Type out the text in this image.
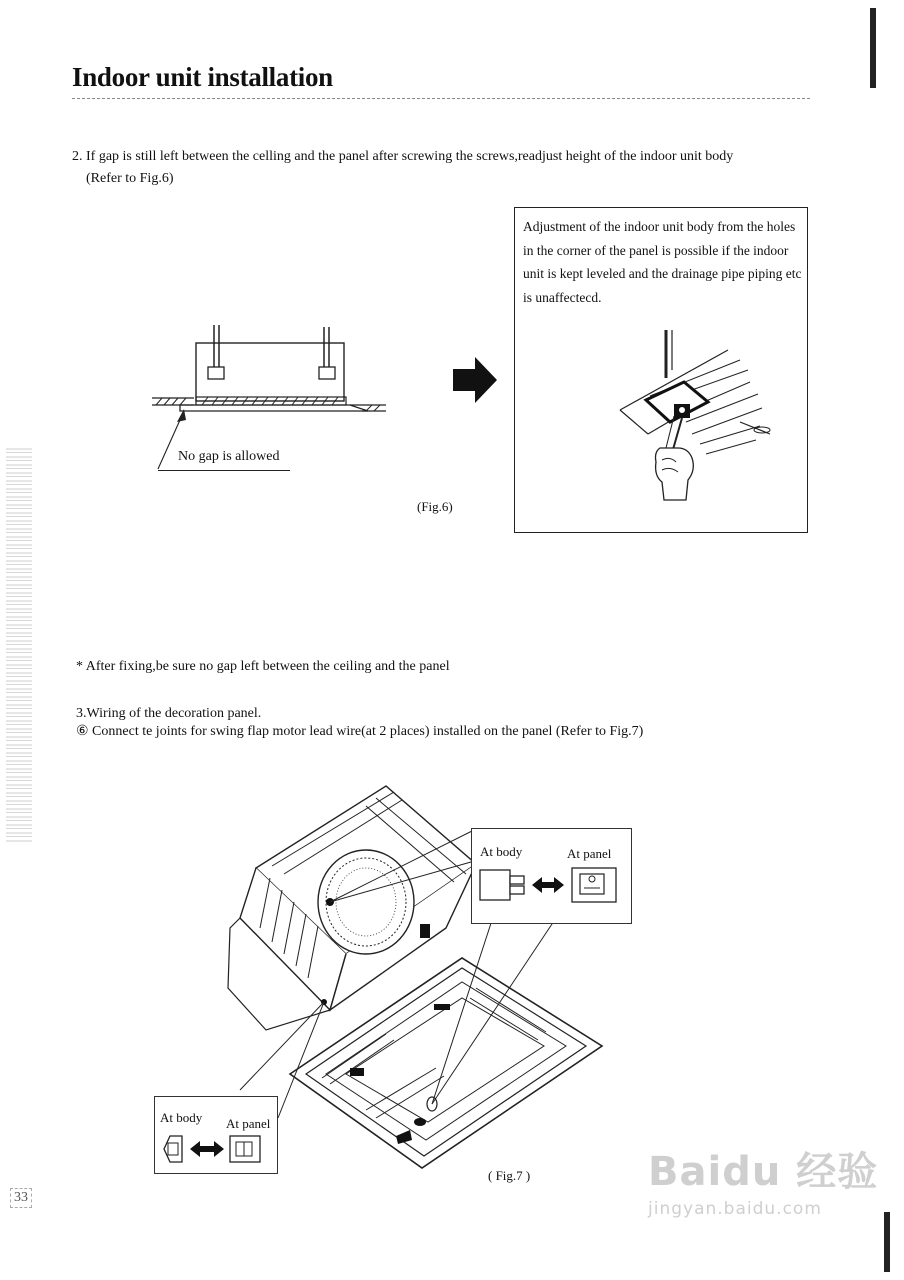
Indoor unit installation
2. If gap is still left between the celling and the panel after screwing the screws,readjust height of the indoor unit body
(Refer to Fig.6)
No gap is allowed
(Fig.6)
Adjustment of the indoor unit body from the holes in the corner of the panel is possible if the indoor unit is kept leveled and the drainage pipe piping etc is unaffectecd.
* After fixing,be sure no gap left between the ceiling and the panel
3.Wiring of the decoration panel.
⑥ Connect te joints for swing flap motor lead wire(at 2 places) installed on the panel (Refer to Fig.7)
At body	At panel
At body At panel
( Fig.7 )
33
Baidu 经验
jingyan.baidu.com
